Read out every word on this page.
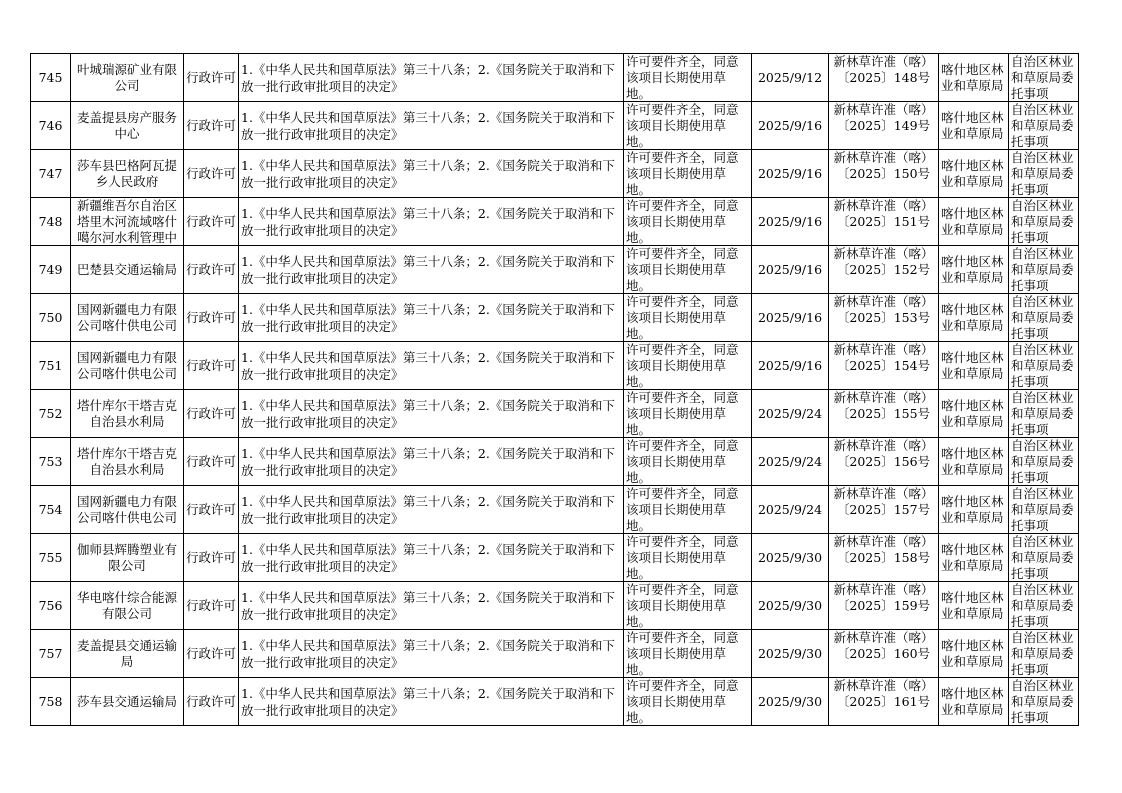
745	叶城瑞源矿业有限公司	行政许可	1.《中华人民共和国草原法》第三十八条；2.《国务院关于取消和下放一批行政审批项目的决定》	许可要件齐全，同意该项目长期使用草地。	2025/9/12	新林草许准（喀）〔2025〕148号	喀什地区林业和草原局	自治区林业和草原局委托事项

746	麦盖提县房产服务中心	行政许可	1.《中华人民共和国草原法》第三十八条；2.《国务院关于取消和下放一批行政审批项目的决定》	许可要件齐全，同意该项目长期使用草地。	2025/9/16	新林草许准（喀）〔2025〕149号	喀什地区林业和草原局	自治区林业和草原局委托事项

747	莎车县巴格阿瓦提乡人民政府	行政许可	1.《中华人民共和国草原法》第三十八条；2.《国务院关于取消和下放一批行政审批项目的决定》	许可要件齐全，同意该项目长期使用草地。	2025/9/16	新林草许准（喀）〔2025〕150号	喀什地区林业和草原局	自治区林业和草原局委托事项

748	新疆维吾尔自治区塔里木河流域喀什噶尔河水利管理中	行政许可	1.《中华人民共和国草原法》第三十八条；2.《国务院关于取消和下放一批行政审批项目的决定》	许可要件齐全，同意该项目长期使用草地。	2025/9/16	新林草许准（喀）〔2025〕151号	喀什地区林业和草原局	自治区林业和草原局委托事项

749	巴楚县交通运输局	行政许可	1.《中华人民共和国草原法》第三十八条；2.《国务院关于取消和下放一批行政审批项目的决定》	许可要件齐全，同意该项目长期使用草地。	2025/9/16	新林草许准（喀）〔2025〕152号	喀什地区林业和草原局	自治区林业和草原局委托事项

750	国网新疆电力有限公司喀什供电公司	行政许可	1.《中华人民共和国草原法》第三十八条；2.《国务院关于取消和下放一批行政审批项目的决定》	许可要件齐全，同意该项目长期使用草地。	2025/9/16	新林草许准（喀）〔2025〕153号	喀什地区林业和草原局	自治区林业和草原局委托事项

751	国网新疆电力有限公司喀什供电公司	行政许可	1.《中华人民共和国草原法》第三十八条；2.《国务院关于取消和下放一批行政审批项目的决定》	许可要件齐全，同意该项目长期使用草地。	2025/9/16	新林草许准（喀）〔2025〕154号	喀什地区林业和草原局	自治区林业和草原局委托事项

752	塔什库尔干塔吉克自治县水利局	行政许可	1.《中华人民共和国草原法》第三十八条；2.《国务院关于取消和下放一批行政审批项目的决定》	许可要件齐全，同意该项目长期使用草地。	2025/9/24	新林草许准（喀）〔2025〕155号	喀什地区林业和草原局	自治区林业和草原局委托事项

753	塔什库尔干塔吉克自治县水利局	行政许可	1.《中华人民共和国草原法》第三十八条；2.《国务院关于取消和下放一批行政审批项目的决定》	许可要件齐全，同意该项目长期使用草地。	2025/9/24	新林草许准（喀）〔2025〕156号	喀什地区林业和草原局	自治区林业和草原局委托事项

754	国网新疆电力有限公司喀什供电公司	行政许可	1.《中华人民共和国草原法》第三十八条；2.《国务院关于取消和下放一批行政审批项目的决定》	许可要件齐全，同意该项目长期使用草地。	2025/9/24	新林草许准（喀）〔2025〕157号	喀什地区林业和草原局	自治区林业和草原局委托事项

755	伽师县辉腾塑业有限公司	行政许可	1.《中华人民共和国草原法》第三十八条；2.《国务院关于取消和下放一批行政审批项目的决定》	许可要件齐全，同意该项目长期使用草地。	2025/9/30	新林草许准（喀）〔2025〕158号	喀什地区林业和草原局	自治区林业和草原局委托事项

756	华电喀什综合能源有限公司	行政许可	1.《中华人民共和国草原法》第三十八条；2.《国务院关于取消和下放一批行政审批项目的决定》	许可要件齐全，同意该项目长期使用草地。	2025/9/30	新林草许准（喀）〔2025〕159号	喀什地区林业和草原局	自治区林业和草原局委托事项

757	麦盖提县交通运输局	行政许可	1.《中华人民共和国草原法》第三十八条；2.《国务院关于取消和下放一批行政审批项目的决定》	许可要件齐全，同意该项目长期使用草地。	2025/9/30	新林草许准（喀）〔2025〕160号	喀什地区林业和草原局	自治区林业和草原局委托事项

758	莎车县交通运输局	行政许可	1.《中华人民共和国草原法》第三十八条；2.《国务院关于取消和下放一批行政审批项目的决定》	许可要件齐全，同意该项目长期使用草地。	2025/9/30	新林草许准（喀）〔2025〕161号	喀什地区林业和草原局	自治区林业和草原局委托事项
